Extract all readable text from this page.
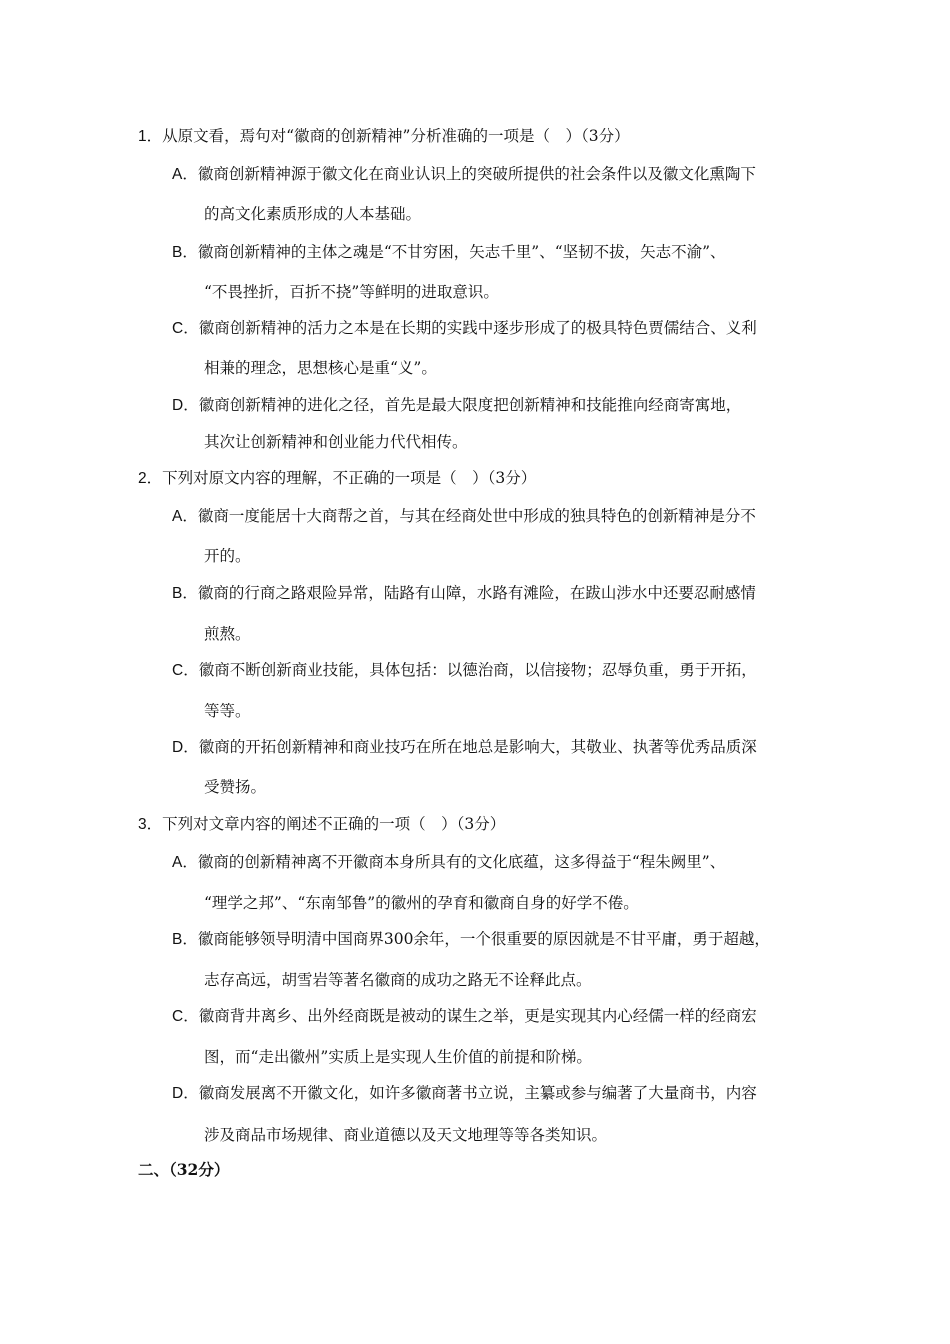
1．从原文看，焉句对“徽商的创新精神”分析准确的一项是（　）（3分）
A．徽商创新精神源于徽文化在商业认识上的突破所提供的社会条件以及徽文化熏陶下
的高文化素质形成的人本基础。
B．徽商创新精神的主体之魂是“不甘穷困，矢志千里”、“坚韧不拔，矢志不渝”、
“不畏挫折，百折不挠”等鲜明的进取意识。
C．徽商创新精神的活力之本是在长期的实践中逐步形成了的极具特色贾儒结合、义利
相兼的理念，思想核心是重“义”。
D．徽商创新精神的进化之径，首先是最大限度把创新精神和技能推向经商寄寓地，
其次让创新精神和创业能力代代相传。
2．下列对原文内容的理解，不正确的一项是（　）（3分）
A．徽商一度能居十大商帮之首，与其在经商处世中形成的独具特色的创新精神是分不
开的。
B．徽商的行商之路艰险异常，陆路有山障，水路有滩险，在跋山涉水中还要忍耐感情
煎熬。
C．徽商不断创新商业技能，具体包括：以德治商，以信接物；忍辱负重，勇于开拓，
等等。
D．徽商的开拓创新精神和商业技巧在所在地总是影响大，其敬业、执著等优秀品质深
受赞扬。
3．下列对文章内容的阐述不正确的一项（　）（3分）
A．徽商的创新精神离不开徽商本身所具有的文化底蕴，这多得益于“程朱阙里”、
“理学之邦”、“东南邹鲁”的徽州的孕育和徽商自身的好学不倦。
B．徽商能够领导明清中国商界300余年，一个很重要的原因就是不甘平庸，勇于超越，
志存高远，胡雪岩等著名徽商的成功之路无不诠释此点。
C．徽商背井离乡、出外经商既是被动的谋生之举，更是实现其内心经儒一样的经商宏
图，而“走出徽州”实质上是实现人生价值的前提和阶梯。
D．徽商发展离不开徽文化，如许多徽商著书立说，主纂或参与编著了大量商书，内容
涉及商品市场规律、商业道德以及天文地理等等各类知识。
二、（32分）
